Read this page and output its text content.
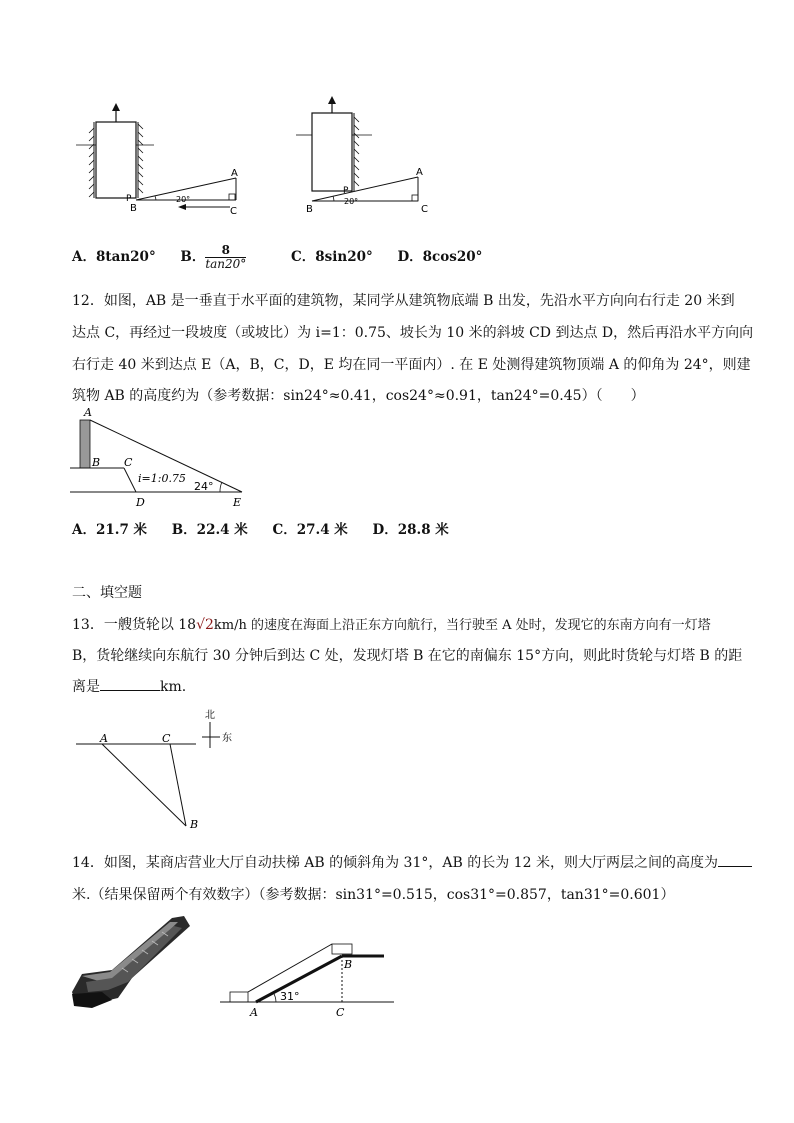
A
B	C
P	20°
A
B	C
P
20°
A．8tan20° B． $\frac{8}{\tan 20^\circ}$ C．8sin20° D．8cos20°
12．如图，AB 是一垂直于水平面的建筑物，某同学从建筑物底端 B 出发，先沿水平方向向右行走 20 米到
达点 C，再经过一段坡度（或坡比）为 i=1：0.75、坡长为 10 米的斜坡 CD 到达点 D，然后再沿水平方向向
右行走 40 米到达点 E（A，B，C，D，E 均在同一平面内）. 在 E 处测得建筑物顶端 A 的仰角为 24°，则建
筑物 AB 的高度约为（参考数据：sin24°≈0.41，cos24°≈0.91，tan24°=0.45）（　　）
A
B C
D	E
i=1:0.75
24°
A．21.7 米 B．22.4 米 C．27.4 米 D．28.8 米
二、填空题
13．一艘货轮以 18√2km/h 的速度在海面上沿正东方向航行，当行驶至 A 处时，发现它的东南方向有一灯塔
B，货轮继续向东航行 30 分钟后到达 C 处，发现灯塔 B 在它的南偏东 15°方向，则此时货轮与灯塔 B 的距
离是	km.
北
东
A	C
B
14．如图，某商店营业大厅自动扶梯 AB 的倾斜角为 31°，AB 的长为 12 米，则大厅两层之间的高度为
米.（结果保留两个有效数字）（参考数据：sin31°=0.515，cos31°=0.857，tan31°=0.601）
31°
A	C
B
